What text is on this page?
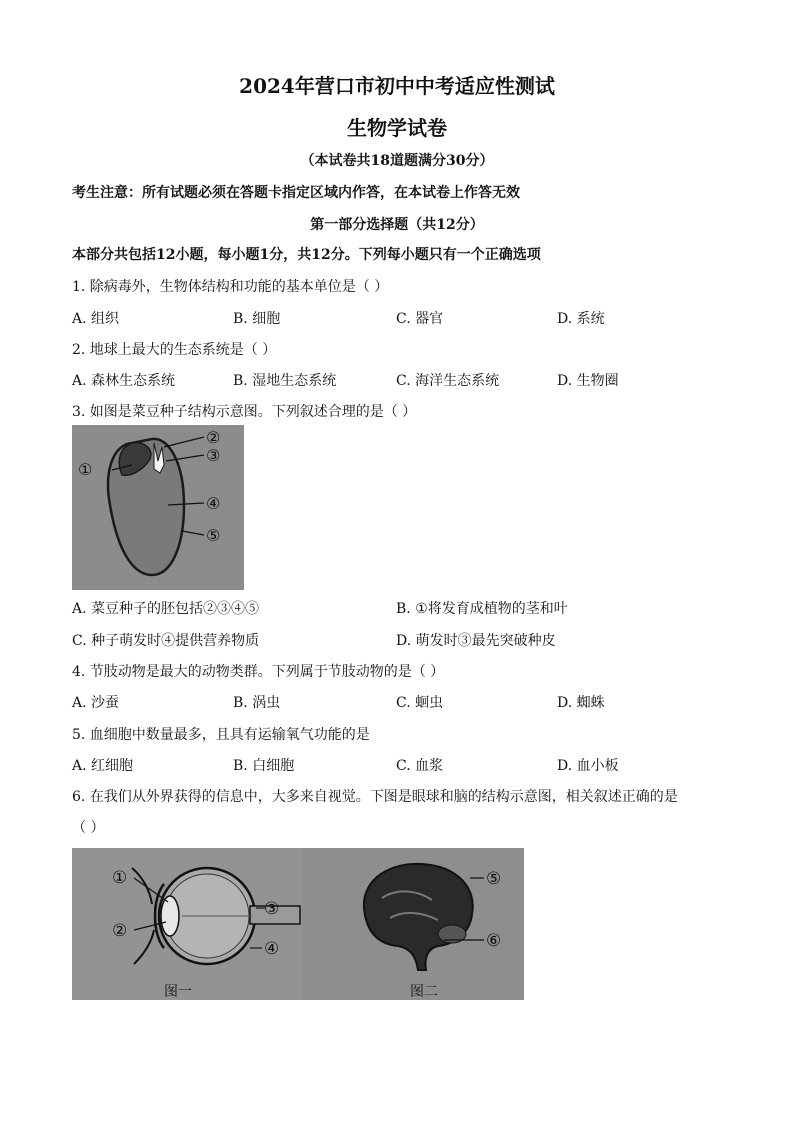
2024年营口市初中中考适应性测试
生物学试卷
（本试卷共18道题满分30分）
考生注意：所有试题必须在答题卡指定区域内作答，在本试卷上作答无效
第一部分选择题（共12分）
本部分共包括12小题，每小题1分，共12分。下列每小题只有一个正确选项
1. 除病毒外，生物体结构和功能的基本单位是（ ）
A. 组织	B. 细胞	C. 器官	D. 系统
2. 地球上最大的生态系统是（ ）
A. 森林生态系统	B. 湿地生态系统	C. 海洋生态系统	D. 生物圈
3. 如图是菜豆种子结构示意图。下列叙述合理的是（ ）
①
②
③
④
⑤
A. 菜豆种子的胚包括②③④⑤	B. ①将发育成植物的茎和叶
C. 种子萌发时④提供营养物质	D. 萌发时③最先突破种皮
4. 节肢动物是最大的动物类群。下列属于节肢动物的是（ ）
A. 沙蚕	B. 涡虫	C. 蛔虫	D. 蜘蛛
5. 血细胞中数量最多，且具有运输氧气功能的是
A. 红细胞	B. 白细胞	C. 血浆	D. 血小板
6. 在我们从外界获得的信息中，大多来自视觉。下图是眼球和脑的结构示意图，相关叙述正确的是
（ ）
①
②
③
④
图一
⑤
⑥
图二
